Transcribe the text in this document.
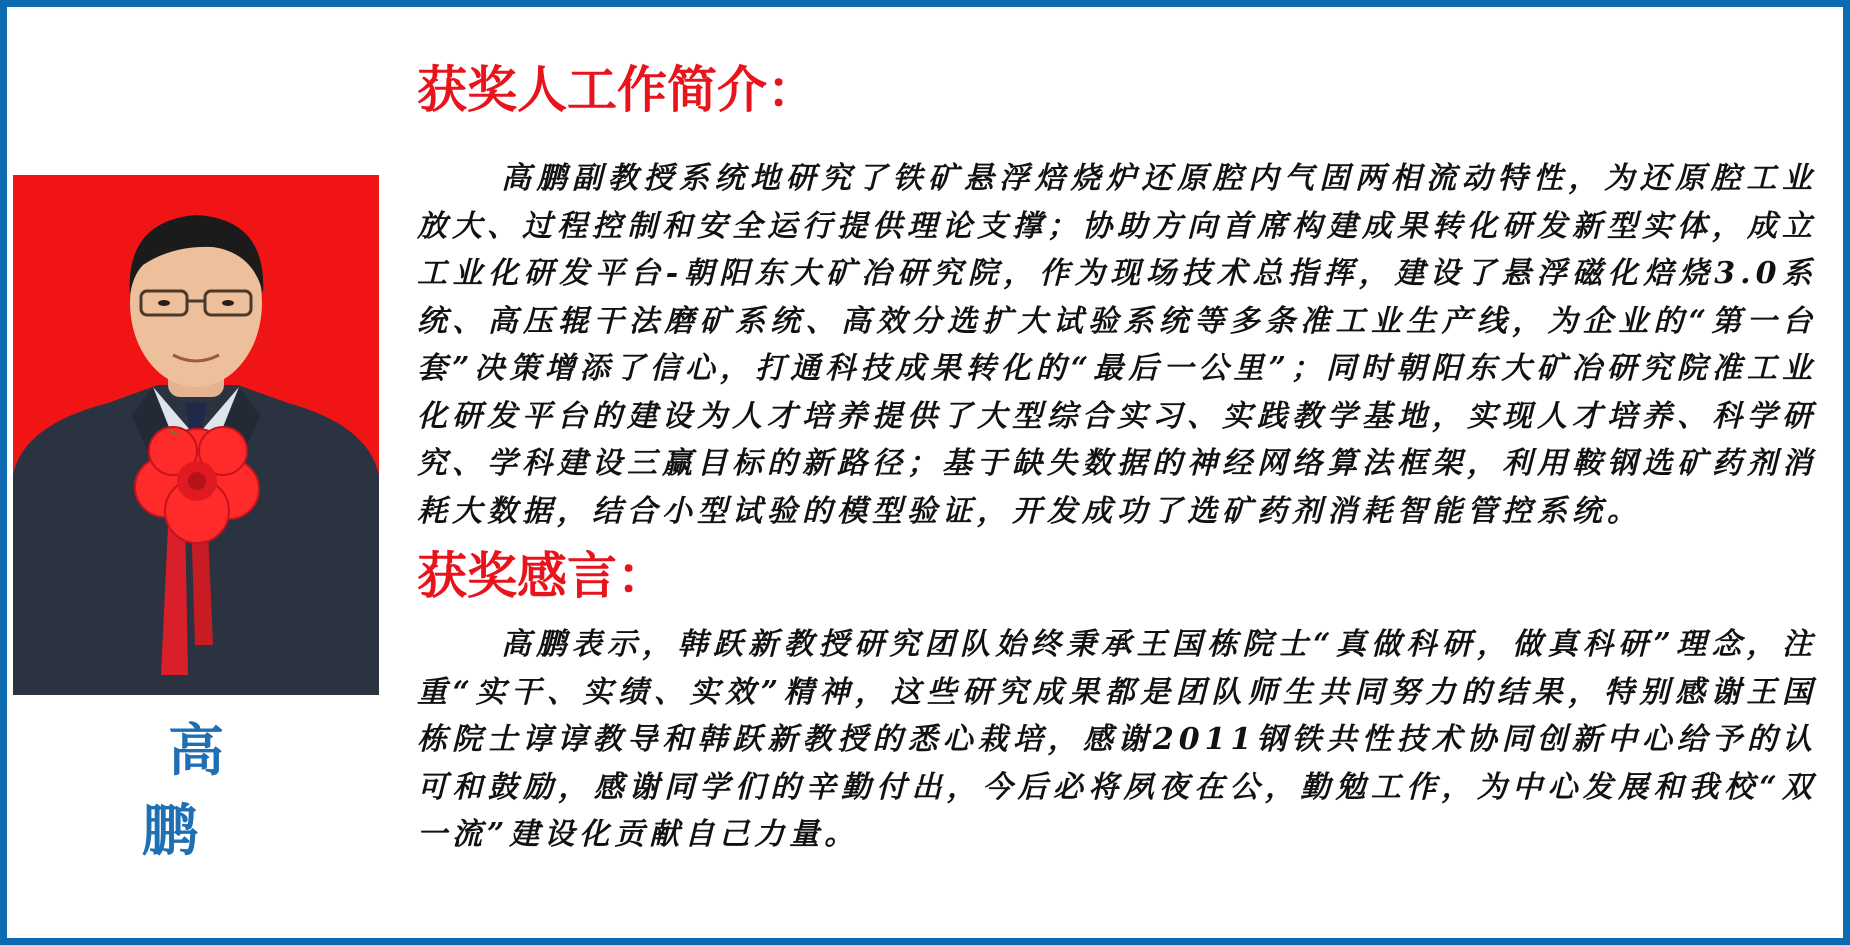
高　鹏
获奖人工作简介：

高鹏副教授系统地研究了铁矿悬浮焙烧炉还原腔内气固两相流动特性，为还原腔工业放大、过程控制和安全运行提供理论支撑；协助方向首席构建成果转化研发新型实体，成立工业化研发平台-朝阳东大矿冶研究院，作为现场技术总指挥，建设了悬浮磁化焙烧3.0系统、高压辊干法磨矿系统、高效分选扩大试验系统等多条准工业生产线，为企业的“第一台套”决策增添了信心，打通科技成果转化的“最后一公里”；同时朝阳东大矿冶研究院准工业化研发平台的建设为人才培养提供了大型综合实习、实践教学基地，实现人才培养、科学研究、学科建设三赢目标的新路径；基于缺失数据的神经网络算法框架，利用鞍钢选矿药剂消耗大数据，结合小型试验的模型验证，开发成功了选矿药剂消耗智能管控系统。

获奖感言：

高鹏表示，韩跃新教授研究团队始终秉承王国栋院士“真做科研，做真科研”理念，注重“实干、实绩、实效”精神，这些研究成果都是团队师生共同努力的结果，特别感谢王国栋院士谆谆教导和韩跃新教授的悉心栽培，感谢2011钢铁共性技术协同创新中心给予的认可和鼓励，感谢同学们的辛勤付出，今后必将夙夜在公，勤勉工作，为中心发展和我校“双一流”建设化贡献自己力量。
